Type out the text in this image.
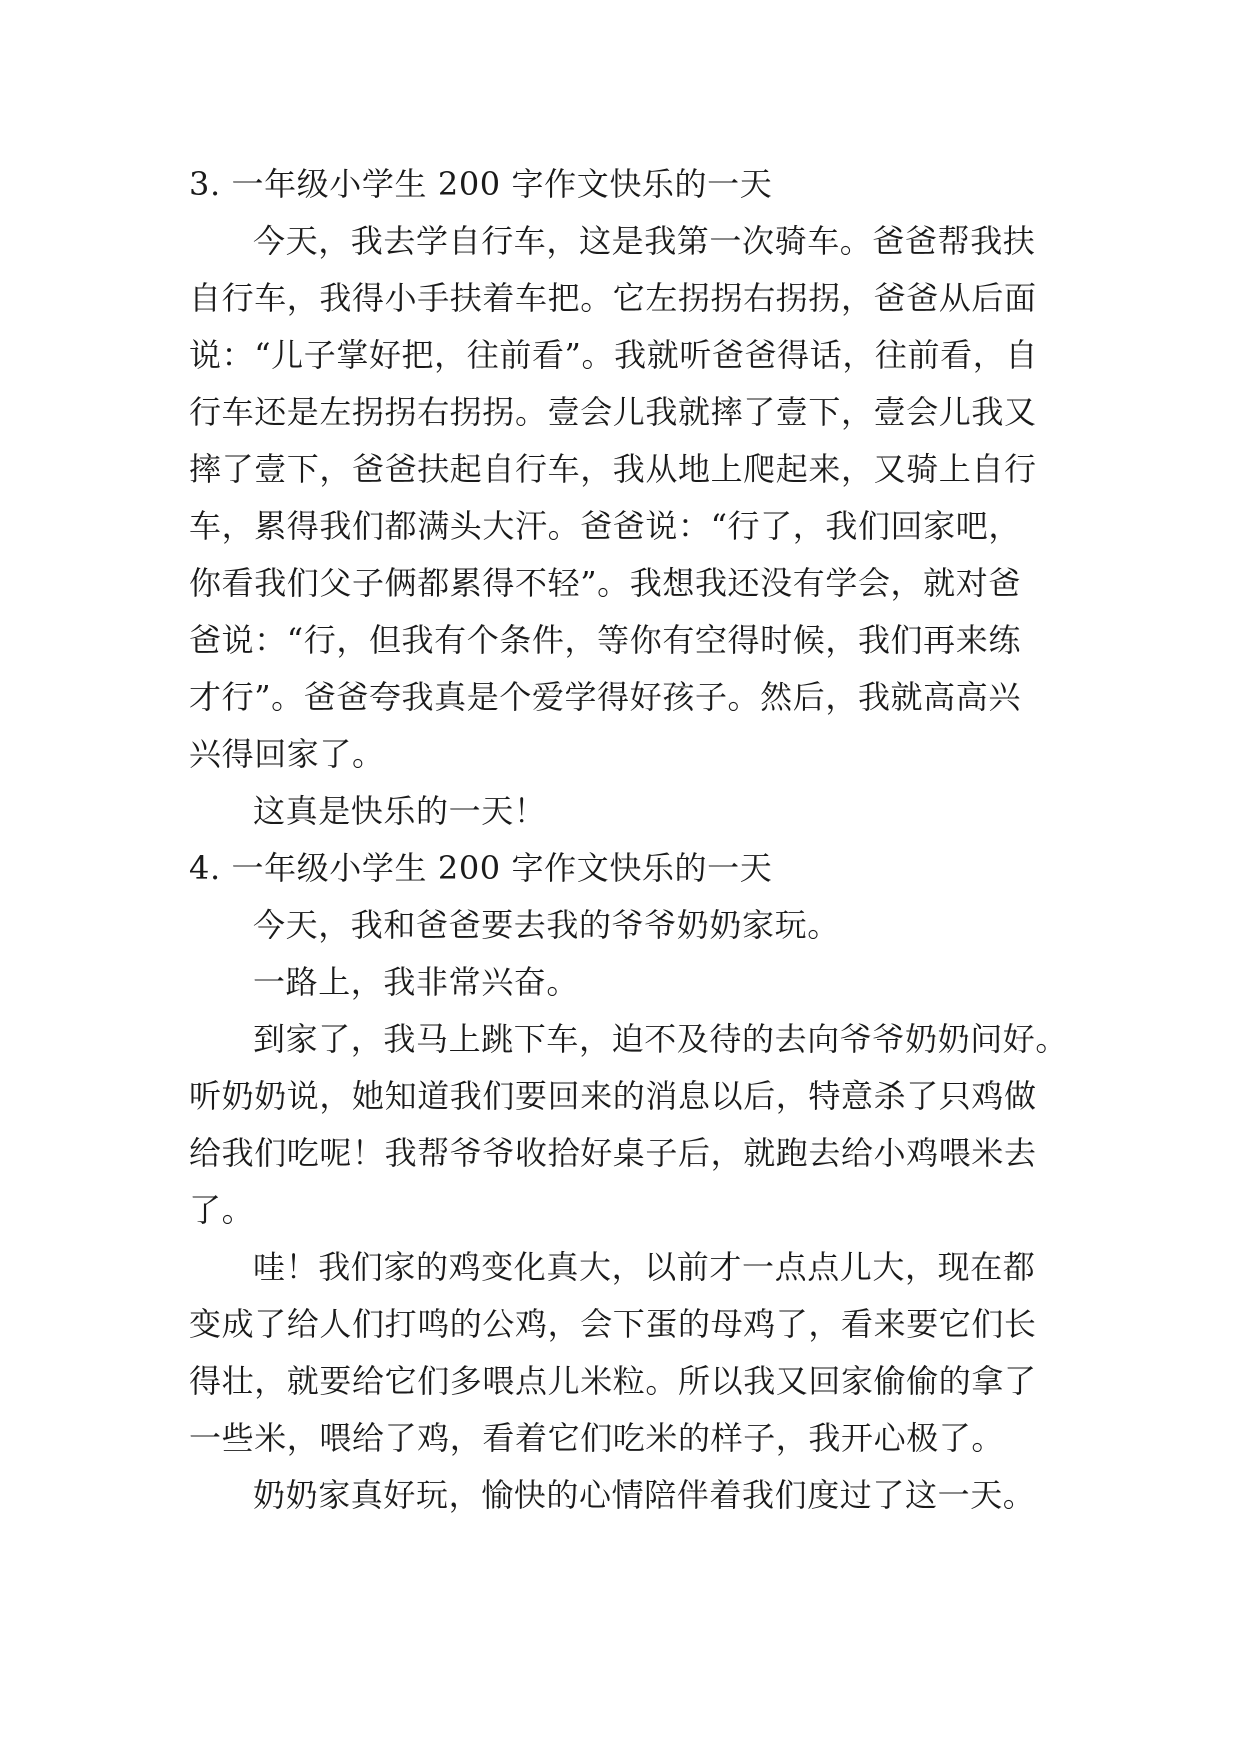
3. 一年级小学生 200 字作文快乐的一天

今天，我去学自行车，这是我第一次骑车。爸爸帮我扶
自行车，我得小手扶着车把。它左拐拐右拐拐，爸爸从后面
说：“儿子掌好把，往前看”。我就听爸爸得话，往前看，自
行车还是左拐拐右拐拐。壹会儿我就摔了壹下，壹会儿我又
摔了壹下，爸爸扶起自行车，我从地上爬起来，又骑上自行
车，累得我们都满头大汗。爸爸说：“行了，我们回家吧，
你看我们父子俩都累得不轻”。我想我还没有学会，就对爸
爸说：“行，但我有个条件，等你有空得时候，我们再来练
才行”。爸爸夸我真是个爱学得好孩子。然后，我就高高兴
兴得回家了。

这真是快乐的一天！

4. 一年级小学生 200 字作文快乐的一天

今天，我和爸爸要去我的爷爷奶奶家玩。

一路上，我非常兴奋。

到家了，我马上跳下车，迫不及待的去向爷爷奶奶问好。
听奶奶说，她知道我们要回来的消息以后，特意杀了只鸡做
给我们吃呢！我帮爷爷收拾好桌子后，就跑去给小鸡喂米去
了。

哇！我们家的鸡变化真大，以前才一点点儿大，现在都
变成了给人们打鸣的公鸡，会下蛋的母鸡了，看来要它们长
得壮，就要给它们多喂点儿米粒。所以我又回家偷偷的拿了
一些米，喂给了鸡，看着它们吃米的样子，我开心极了。

奶奶家真好玩，愉快的心情陪伴着我们度过了这一天。
